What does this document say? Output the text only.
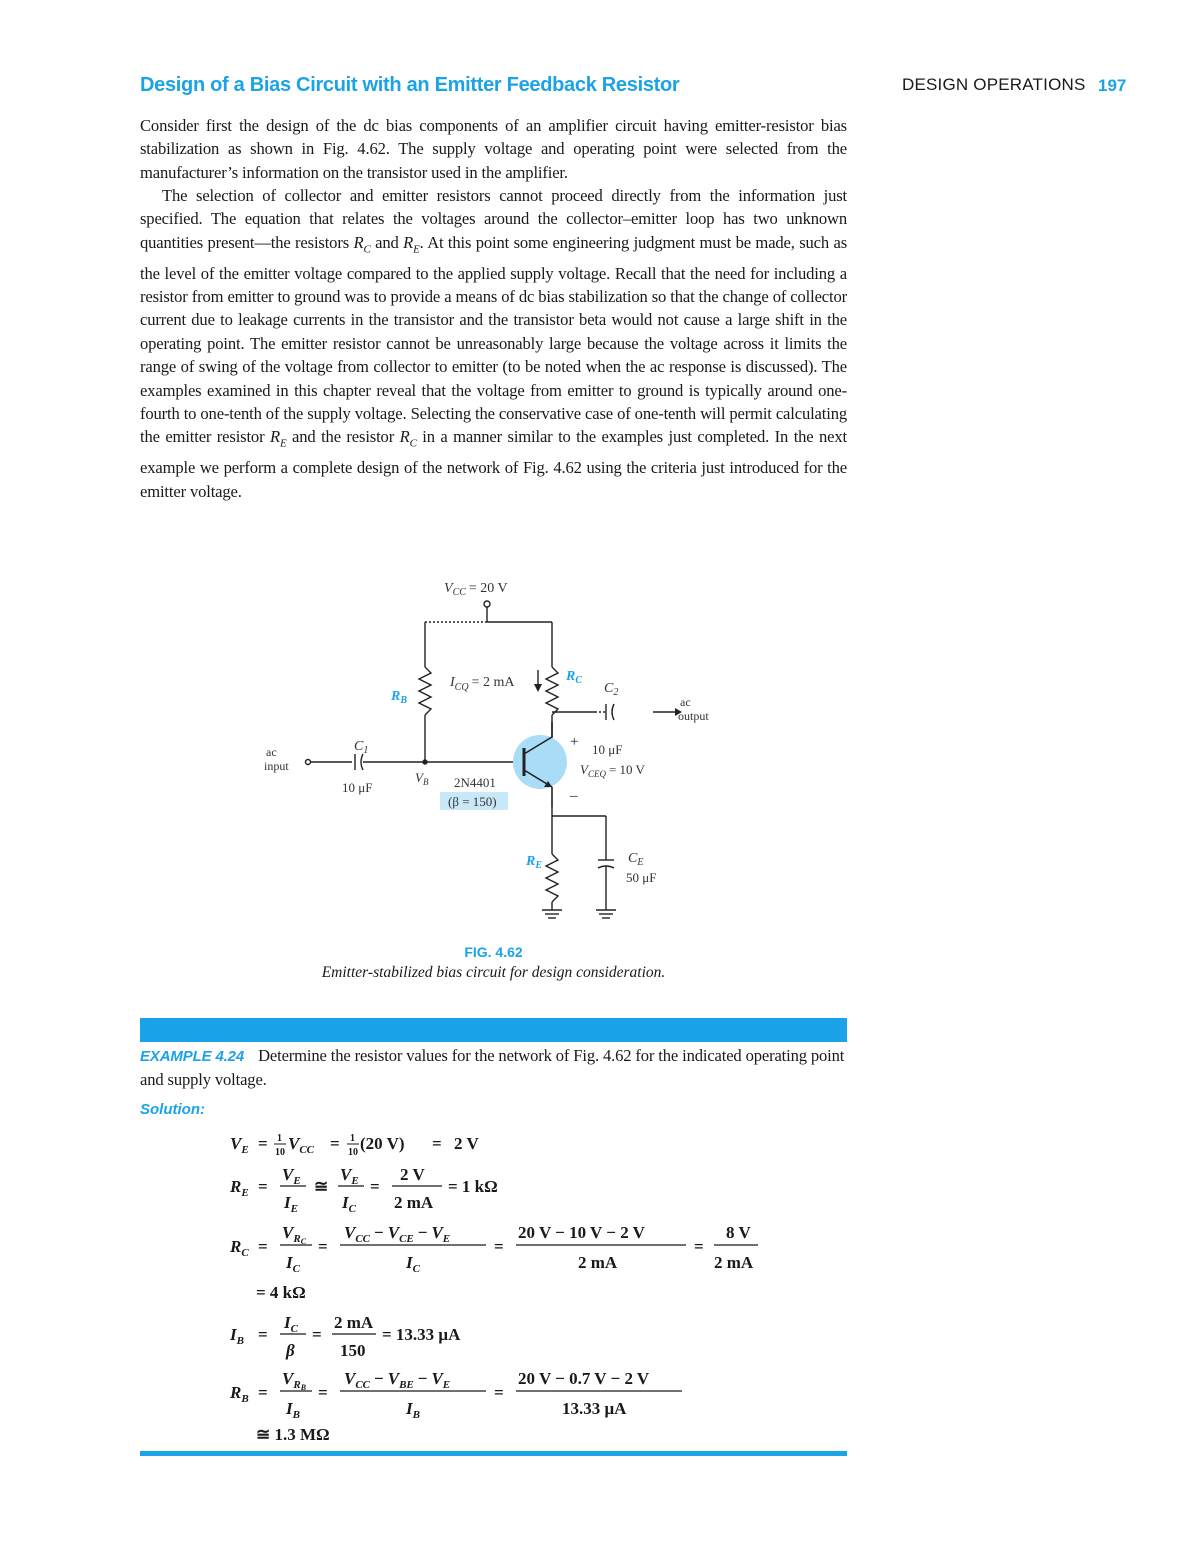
Design of a Bias Circuit with an Emitter Feedback Resistor	DESIGN OPERATIONS 197
Consider first the design of the dc bias components of an amplifier circuit having emitter-resistor bias stabilization as shown in Fig. 4.62. The supply voltage and operating point were selected from the manufacturer’s information on the transistor used in the amplifier.
The selection of collector and emitter resistors cannot proceed directly from the information just specified. The equation that relates the voltages around the collector–emitter loop has two unknown quantities present—the resistors $R_C$ and $R_E$. At this point some engineering judgment must be made, such as the level of the emitter voltage compared to the applied supply voltage. Recall that the need for including a resistor from emitter to ground was to provide a means of dc bias stabilization so that the change of collector current due to leakage currents in the transistor and the transistor beta would not cause a large shift in the operating point. The emitter resistor cannot be unreasonably large because the voltage across it limits the range of swing of the voltage from collector to emitter (to be noted when the ac response is discussed). The examples examined in this chapter reveal that the voltage from emitter to ground is typically around one-fourth to one-tenth of the supply voltage. Selecting the conservative case of one-tenth will permit calculating the emitter resistor $R_E$ and the resistor $R_C$ in a manner similar to the examples just completed. In the next example we perform a complete design of the network of Fig. 4.62 using the criteria just introduced for the emitter voltage.
$V_{CC} = 20$ V
$I_{CQ} = 2$ mA	$R_C$
$R_B$
$R_E$
$C_2$
10 μF
$C_1$
10 μF
ac
input
ac
output
$V_B$ 2N4401
(β = 150)
$V_{CEQ} = 10$ V
+
–
$C_E$
50 μF
FIG. 4.62
Emitter-stabilized bias circuit for design consideration.
EXAMPLE 4.24 Determine the resistor values for the network of Fig. 4.62 for the indicated operating point and supply voltage.
Solution:
$V_E = 1$
10 $V_{CC} = 1$
10 (20 V) = 2 V
$R_E$ =
$V_E$
$I_E$
≅
$V_E$
$I_C$
=
2 V
2 mA
= 1 kΩ
$R_C$ =
$V_RC$
$I_C$
=
$V_{CC} - V_{CE} - V_E$
$I_C$
=
20 V − 10 V − 2 V
2 mA
=
8 V
2 mA
= 4 kΩ
$I_B$ =
$I_C$
β
=
2 mA
150
= 13.33 μA
$R_B$ =
$V_RB$
$I_B$
=
$V_{CC} - V_{BE} - V_E$
$I_B$
=
20 V − 0.7 V − 2 V
13.33 μA
≅ 1.3 MΩ
